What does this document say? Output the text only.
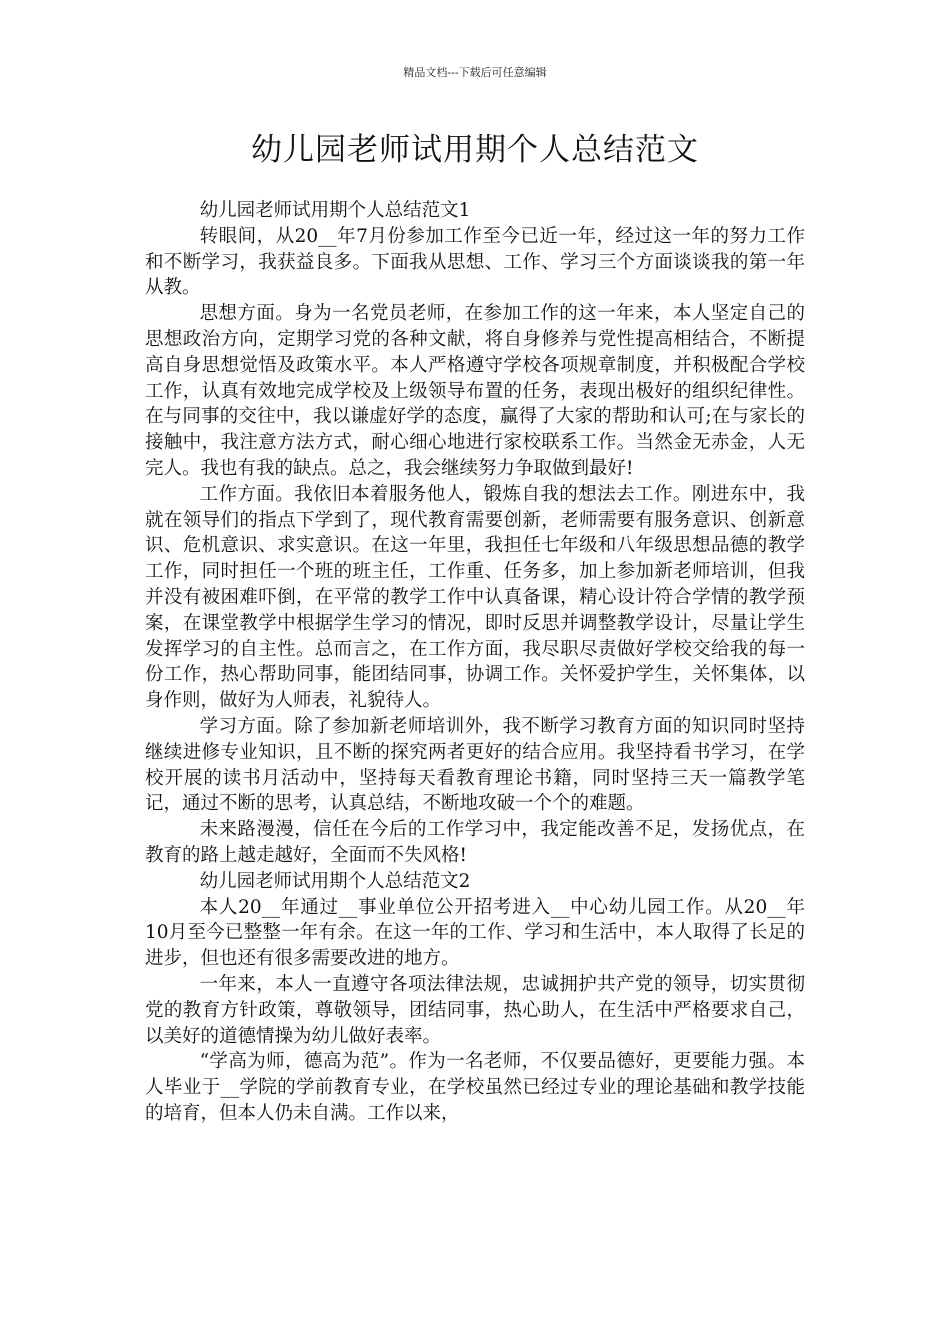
精品文档---下载后可任意编辑
幼儿园老师试用期个人总结范文

幼儿园老师试用期个人总结范文1

转眼间，从20__年7月份参加工作至今已近一年，经过这一年的努力工作和不断学习，我获益良多。下面我从思想、工作、学习三个方面谈谈我的第一年从教。

思想方面。身为一名党员老师，在参加工作的这一年来，本人坚定自己的思想政治方向，定期学习党的各种文献，将自身修养与党性提高相结合，不断提高自身思想觉悟及政策水平。本人严格遵守学校各项规章制度，并积极配合学校工作，认真有效地完成学校及上级领导布置的任务，表现出极好的组织纪律性。在与同事的交往中，我以谦虚好学的态度，赢得了大家的帮助和认可;在与家长的接触中，我注意方法方式，耐心细心地进行家校联系工作。当然金无赤金，人无完人。我也有我的缺点。总之，我会继续努力争取做到最好!

工作方面。我依旧本着服务他人，锻炼自我的想法去工作。刚进东中，我就在领导们的指点下学到了，现代教育需要创新，老师需要有服务意识、创新意识、危机意识、求实意识。在这一年里，我担任七年级和八年级思想品德的教学工作，同时担任一个班的班主任，工作重、任务多，加上参加新老师培训，但我并没有被困难吓倒，在平常的教学工作中认真备课，精心设计符合学情的教学预案，在课堂教学中根据学生学习的情况，即时反思并调整教学设计，尽量让学生发挥学习的自主性。总而言之，在工作方面，我尽职尽责做好学校交给我的每一份工作，热心帮助同事，能团结同事，协调工作。关怀爱护学生，关怀集体，以身作则，做好为人师表，礼貌待人。

学习方面。除了参加新老师培训外，我不断学习教育方面的知识同时坚持继续进修专业知识，且不断的探究两者更好的结合应用。我坚持看书学习，在学校开展的读书月活动中，坚持每天看教育理论书籍，同时坚持三天一篇教学笔记，通过不断的思考，认真总结，不断地攻破一个个的难题。

未来路漫漫，信任在今后的工作学习中，我定能改善不足，发扬优点，在教育的路上越走越好，全面而不失风格!

幼儿园老师试用期个人总结范文2

本人20__年通过__事业单位公开招考进入__中心幼儿园工作。从20__年10月至今已整整一年有余。在这一年的工作、学习和生活中，本人取得了长足的进步，但也还有很多需要改进的地方。

一年来，本人一直遵守各项法律法规，忠诚拥护共产党的领导，切实贯彻党的教育方针政策，尊敬领导，团结同事，热心助人，在生活中严格要求自己，以美好的道德情操为幼儿做好表率。

“学高为师，德高为范”。作为一名老师，不仅要品德好，更要能力强。本人毕业于__学院的学前教育专业，在学校虽然已经过专业的理论基础和教学技能的培育，但本人仍未自满。工作以来，
